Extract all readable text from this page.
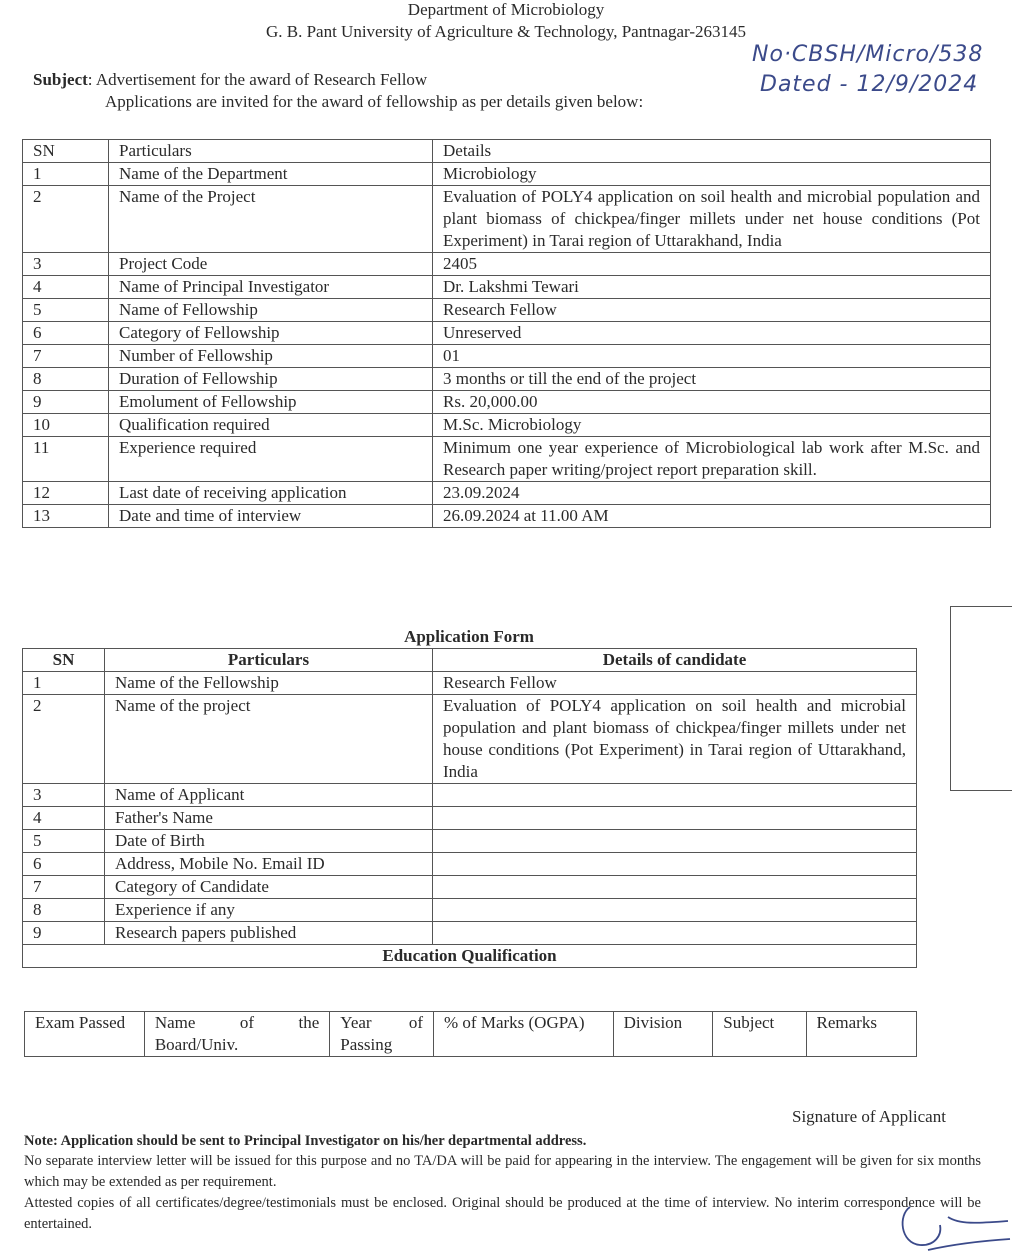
Department of Microbiology
G. B. Pant University of Agriculture & Technology, Pantnagar-263145
No·CBSH/Micro/538
Dated - 12/9/2024
Subject: Advertisement for the award of Research Fellow
Applications are invited for the award of fellowship as per details given below:
SN	Particulars	Details
1	Name of the Department	Microbiology
2	Name of the Project	Evaluation of POLY4 application on soil health and microbial population and plant biomass of chickpea/finger millets under net house conditions (Pot Experiment) in Tarai region of Uttarakhand, India
3	Project Code	2405
4	Name of Principal Investigator	Dr. Lakshmi Tewari
5	Name of Fellowship	Research Fellow
6	Category of Fellowship	Unreserved
7	Number of Fellowship	01
8	Duration of Fellowship	3 months or till the end of the project
9	Emolument of Fellowship	Rs. 20,000.00
10	Qualification required	M.Sc. Microbiology
11	Experience required	Minimum one year experience of Microbiological lab work after M.Sc. and Research paper writing/project report preparation skill.
12	Last date of receiving application	23.09.2024
13	Date and time of interview	26.09.2024 at 11.00 AM
Application Form
SN	Particulars	Details of candidate
1	Name of the Fellowship	Research Fellow
2	Name of the project	Evaluation of POLY4 application on soil health and microbial population and plant biomass of chickpea/finger millets under net house conditions (Pot Experiment) in Tarai region of Uttarakhand, India
3	Name of Applicant	
4	Father's Name	
5	Date of Birth	
6	Address, Mobile No. Email ID	
7	Category of Candidate	
8	Experience if any	
9	Research papers published	
Education Qualification		
Exam Passed	Name of the Board/Univ.	Year of Passing	% of Marks (OGPA)	Division	Subject	Remarks

Signature of Applicant
Note: Application should be sent to Principal Investigator on his/her departmental address.
No separate interview letter will be issued for this purpose and no TA/DA will be paid for appearing in the interview. The engagement will be given for six months which may be extended as per requirement.
Attested copies of all certificates/degree/testimonials must be enclosed. Original should be produced at the time of interview. No interim correspondence will be entertained.
